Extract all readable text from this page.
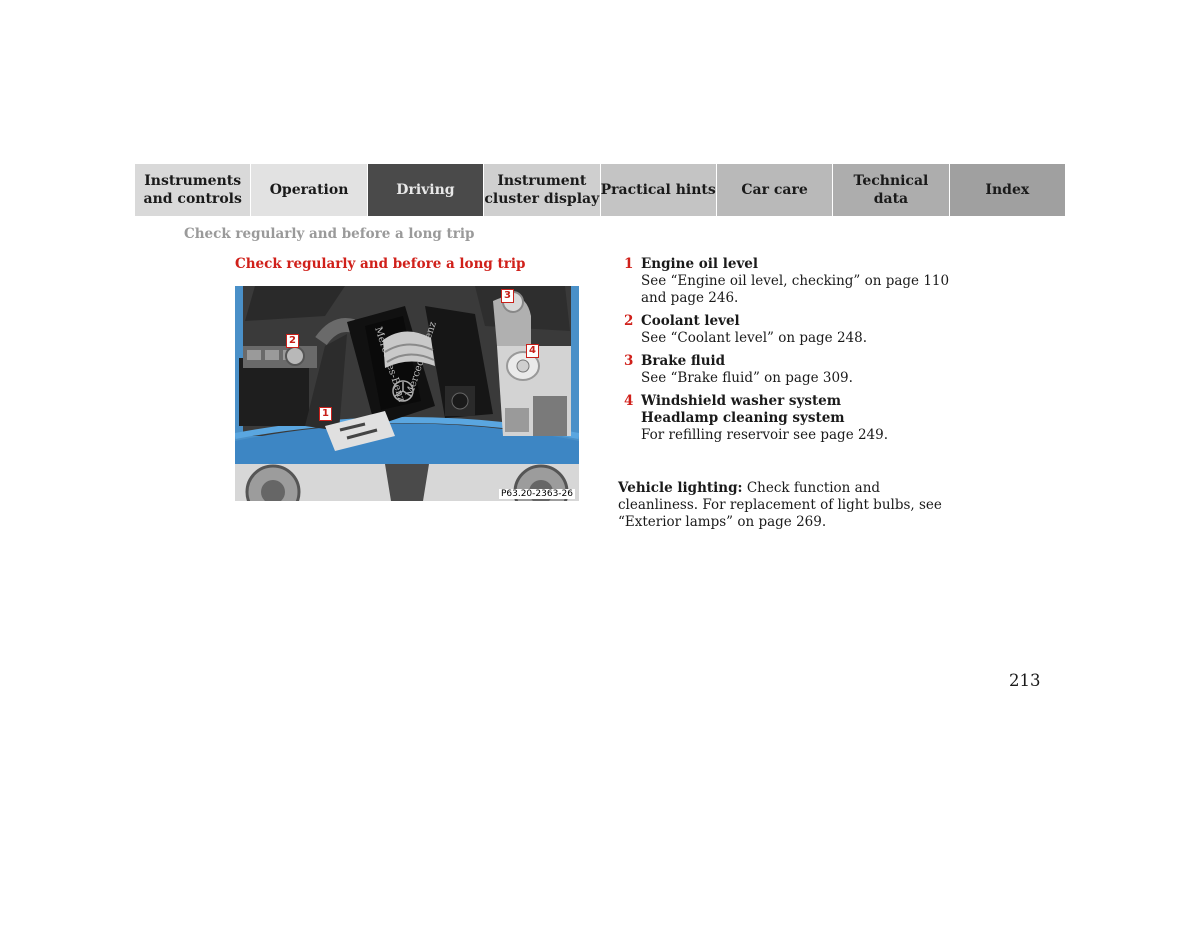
Instruments
and controls
Operation	Driving
Instrument
cluster display
Practical hints Car care
Technical
data
Index
Check regularly and before a long trip
Check regularly and before a long trip
1
2
3
4
P63.20-2363-26
1 Engine oil level
See “Engine oil level, checking” on page 110 and page 246.
2 Coolant level
See “Coolant level” on page 248.
3 Brake fluid
See “Brake fluid” on page 309.
4 Windshield washer system
Headlamp cleaning system
For refilling reservoir see page 249.
Vehicle lighting: Check function and cleanliness. For replacement of light bulbs, see “Exterior lamps” on page 269.
213
